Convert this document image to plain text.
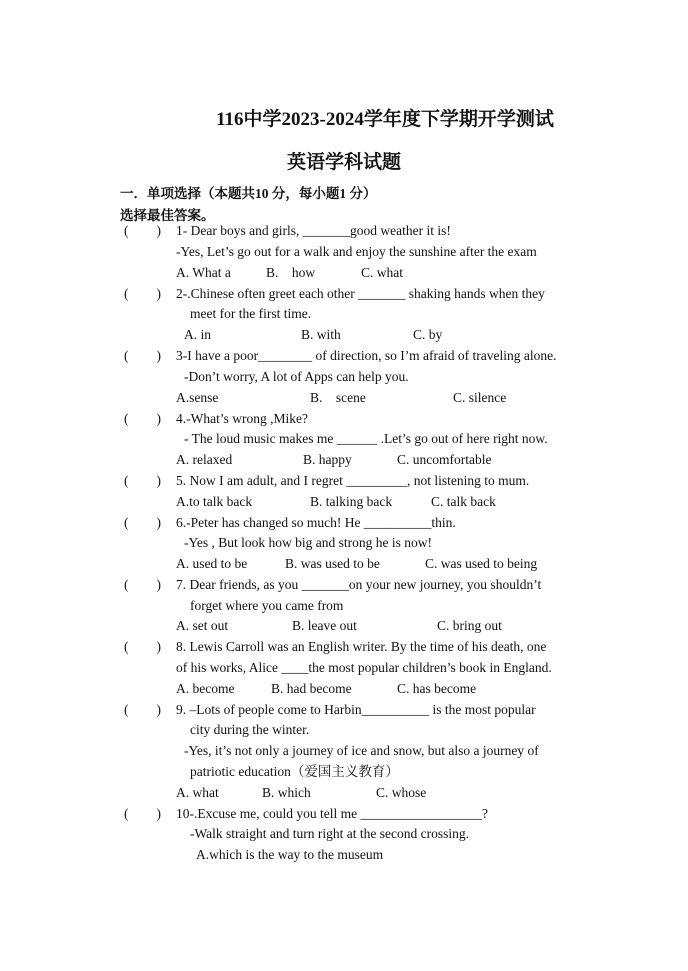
116中学2023-2024学年度下学期开学测试
英语学科试题
一．单项选择（本题共10 分，每小题1 分）
选择最佳答案。
( ) 1- Dear boys and girls, _______good weather it is!
-Yes, Let’s go out for a walk and enjoy the sunshine after the exam
A. What a	B.    how	C. what
( ) 2-.Chinese often greet each other _______ shaking hands when they
meet for the first time.
A. in	B. with	C. by
( ) 3-I have a poor________ of direction, so I’m afraid of traveling alone.
-Don’t worry, A lot of Apps can help you.
A.sense	B.    scene	C. silence
( ) 4.-What’s wrong ,Mike?
- The loud music makes me ______ .Let’s go out of here right now.
A. relaxed	B. happy	C. uncomfortable
( ) 5. Now I am adult, and I regret _________, not listening to mum.
A.to talk back	B. talking back	C. talk back
( ) 6.-Peter has changed so much! He __________thin.
-Yes , But look how big and strong he is now!
A. used to be	B. was used to be	C. was used to being
( ) 7. Dear friends, as you _______on your new journey, you shouldn’t
forget where you came from
A. set out	B. leave out	C. bring out
( ) 8. Lewis Carroll was an English writer. By the time of his death, one
of his works, Alice ____the most popular children’s book in England.
A. become	B. had become	C. has become
( ) 9. –Lots of people come to Harbin__________ is the most popular
city during the winter.
-Yes, it’s not only a journey of ice and snow, but also a journey of
patriotic education（爱国主义教育）
A. what	B. which	C. whose
( ) 10-.Excuse me, could you tell me __________________?
-Walk straight and turn right at the second crossing.
A.which is the way to the museum
